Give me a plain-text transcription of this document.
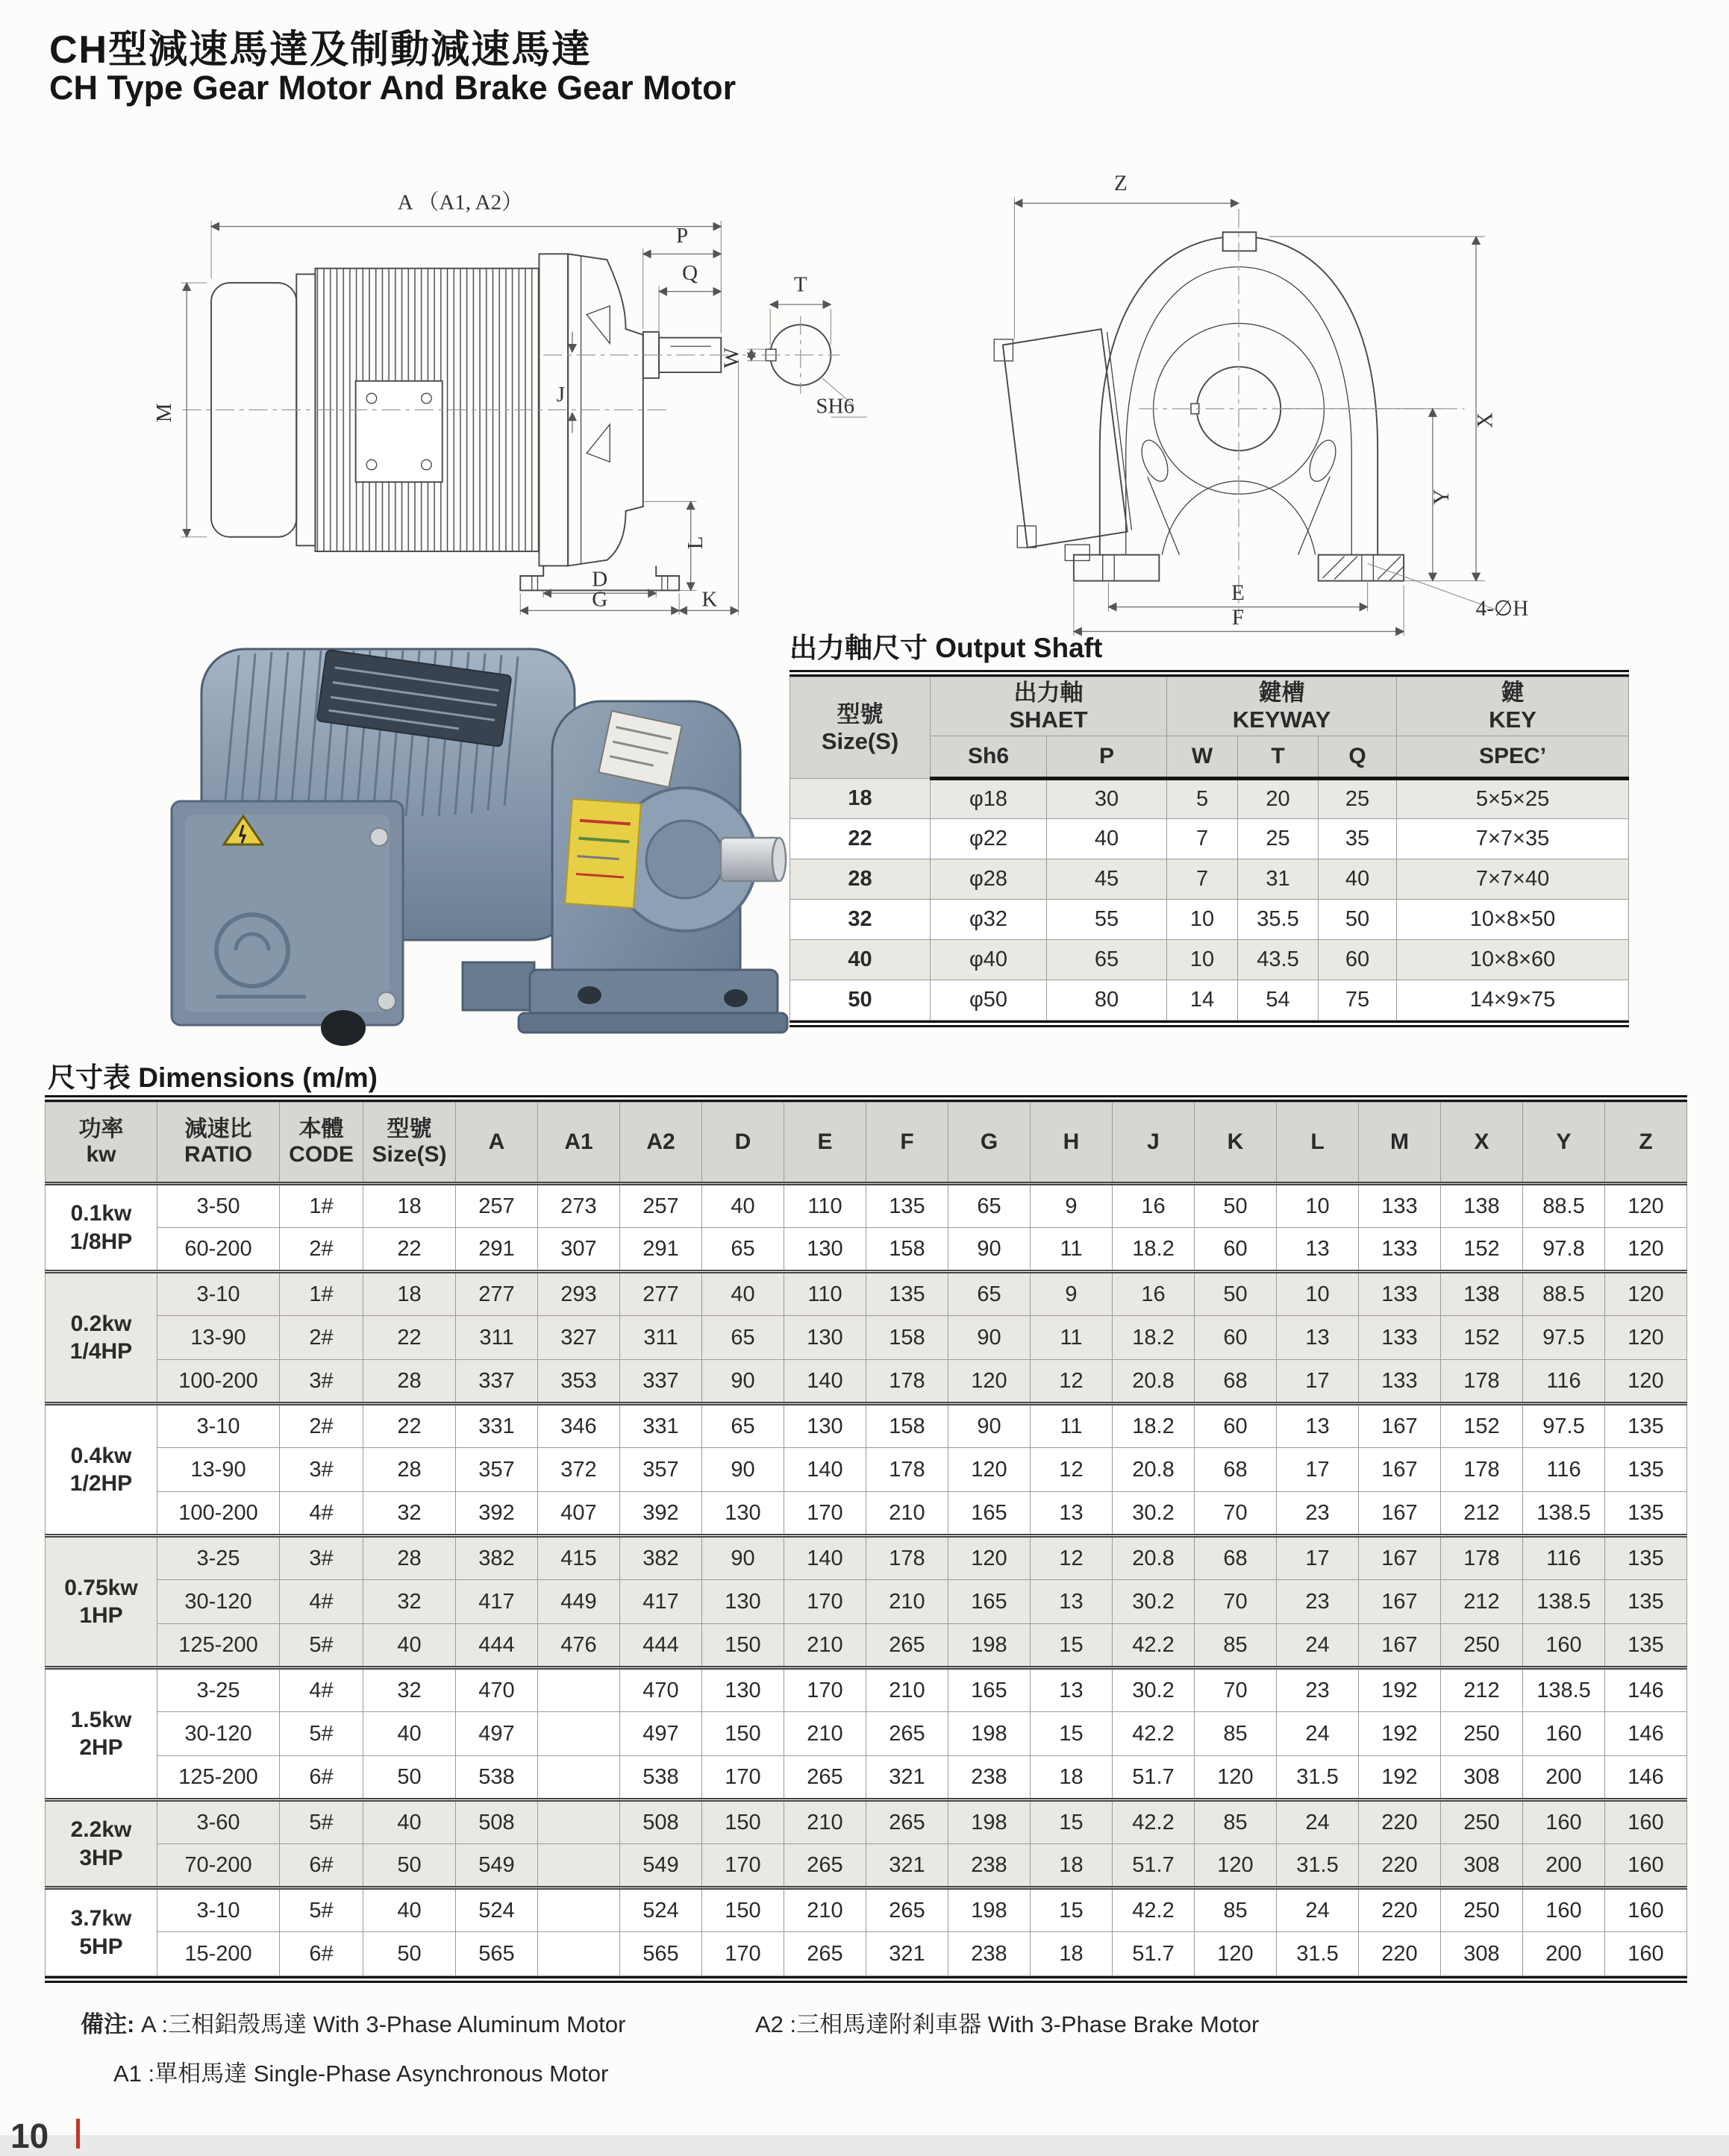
CH型減速馬達及制動減速馬達
CH Type Gear Motor And Brake Gear Motor
A （A1, A2）
M
P
Q
J
L
D
G	K
T
W
SH6
Z
X
Y
E
F	4-∅H
出力軸尺寸 Output Shaft
型號
Size(S)

出力軸
SHAET

鍵槽
KEYWAY

鍵
KEY

	Sh6	P	W	T	Q	SPEC’
18	φ18	30	5	20	25	5×5×25
22	φ22	40	7	25	35	7×7×35
28	φ28	45	7	31	40	7×7×40
32	φ32	55	10	35.5	50	10×8×50
40	φ40	65	10	43.5	60	10×8×60
50	φ50	80	14	54	75	14×9×75
尺寸表 Dimensions (m/m)
功率
kw

減速比
RATIO

本體
CODE

型號
Size(S)
	A	A1	A2	D	E	F	G	H	J	K	L	M	X	Y	Z

0.1kw
1/8HP	3-50	1#	18	257	273	257	40	110	135	65	9	16	50	10	133	138	88.5	120
	60-200	2#	22	291	307	291	65	130	158	90	11	18.2	60	13	133	152	97.8	120

0.2kw
1/4HP	3-10	1#	18	277	293	277	40	110	135	65	9	16	50	10	133	138	88.5	120
	13-90	2#	22	311	327	311	65	130	158	90	11	18.2	60	13	133	152	97.5	120
	100-200	3#	28	337	353	337	90	140	178	120	12	20.8	68	17	133	178	116	120

0.4kw
1/2HP	3-10	2#	22	331	346	331	65	130	158	90	11	18.2	60	13	167	152	97.5	135
	13-90	3#	28	357	372	357	90	140	178	120	12	20.8	68	17	167	178	116	135
	100-200	4#	32	392	407	392	130	170	210	165	13	30.2	70	23	167	212	138.5	135

0.75kw
1HP	3-25	3#	28	382	415	382	90	140	178	120	12	20.8	68	17	167	178	116	135
	30-120	4#	32	417	449	417	130	170	210	165	13	30.2	70	23	167	212	138.5	135
	125-200	5#	40	444	476	444	150	210	265	198	15	42.2	85	24	167	250	160	135

1.5kw
2HP	3-25	4#	32	470		470	130	170	210	165	13	30.2	70	23	192	212	138.5	146
	30-120	5#	40	497		497	150	210	265	198	15	42.2	85	24	192	250	160	146
	125-200	6#	50	538		538	170	265	321	238	18	51.7	120	31.5	192	308	200	146

2.2kw
3HP	3-60	5#	40	508		508	150	210	265	198	15	42.2	85	24	220	250	160	160
	70-200	6#	50	549		549	170	265	321	238	18	51.7	120	31.5	220	308	200	160

3.7kw
5HP	3-10	5#	40	524		524	150	210	265	198	15	42.2	85	24	220	250	160	160
	15-200	6#	50	565		565	170	265	321	238	18	51.7	120	31.5	220	308	200	160
備注: A :三相鋁殼馬達 With 3-Phase Aluminum Motor	A2 :三相馬達附剎車器 With 3-Phase Brake Motor
A1 :單相馬達 Single-Phase Asynchronous Motor
10
